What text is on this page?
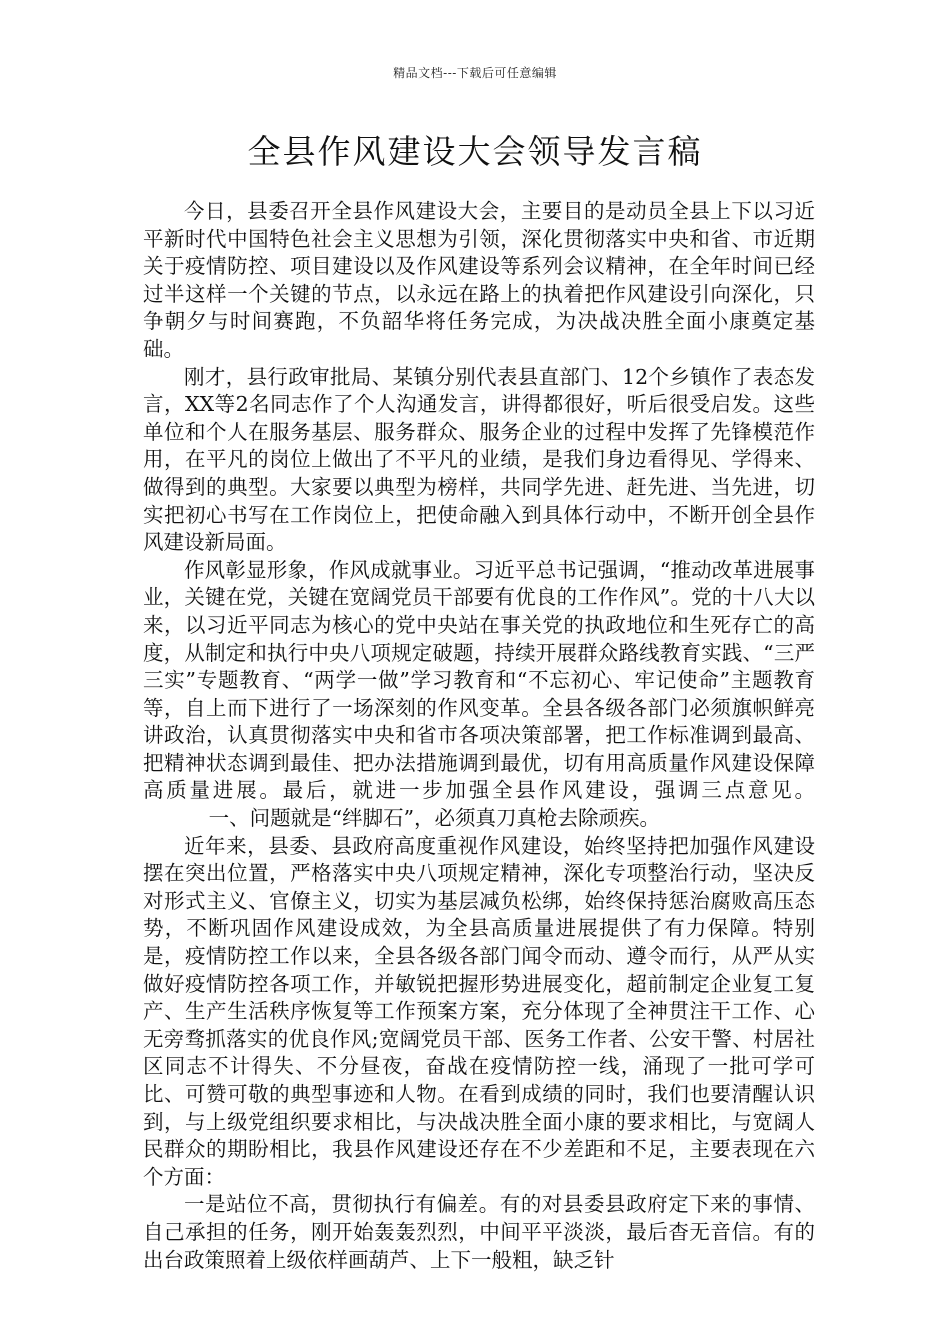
精品文档---下载后可任意编辑
全县作风建设大会领导发言稿

今日，县委召开全县作风建设大会，主要目的是动员全县上下以习近平新时代中国特色社会主义思想为引领，深化贯彻落实中央和省、市近期关于疫情防控、项目建设以及作风建设等系列会议精神，在全年时间已经过半这样一个关键的节点，以永远在路上的执着把作风建设引向深化，只争朝夕与时间赛跑，不负韶华将任务完成，为决战决胜全面小康奠定基础。

刚才，县行政审批局、某镇分别代表县直部门、12个乡镇作了表态发言，XX等2名同志作了个人沟通发言，讲得都很好，听后很受启发。这些单位和个人在服务基层、服务群众、服务企业的过程中发挥了先锋模范作用，在平凡的岗位上做出了不平凡的业绩，是我们身边看得见、学得来、做得到的典型。大家要以典型为榜样，共同学先进、赶先进、当先进，切实把初心书写在工作岗位上，把使命融入到具体行动中，不断开创全县作风建设新局面。

作风彰显形象，作风成就事业。习近平总书记强调，“推动改革进展事业，关键在党，关键在宽阔党员干部要有优良的工作作风”。党的十八大以来，以习近平同志为核心的党中央站在事关党的执政地位和生死存亡的高度，从制定和执行中央八项规定破题，持续开展群众路线教育实践、“三严三实”专题教育、“两学一做”学习教育和“不忘初心、牢记使命”主题教育等，自上而下进行了一场深刻的作风变革。全县各级各部门必须旗帜鲜亮讲政治，认真贯彻落实中央和省市各项决策部署，把工作标准调到最高、把精神状态调到最佳、把办法措施调到最优，切有用高质量作风建设保障高质量进展。最后，就进一步加强全县作风建设，强调三点意见。一、问题就是“绊脚石”，必须真刀真枪去除顽疾。

近年来，县委、县政府高度重视作风建设，始终坚持把加强作风建设摆在突出位置，严格落实中央八项规定精神，深化专项整治行动，坚决反对形式主义、官僚主义，切实为基层减负松绑，始终保持惩治腐败高压态势，不断巩固作风建设成效，为全县高质量进展提供了有力保障。特别是，疫情防控工作以来，全县各级各部门闻令而动、遵令而行，从严从实做好疫情防控各项工作，并敏锐把握形势进展变化，超前制定企业复工复产、生产生活秩序恢复等工作预案方案，充分体现了全神贯注干工作、心无旁骛抓落实的优良作风;宽阔党员干部、医务工作者、公安干警、村居社区同志不计得失、不分昼夜，奋战在疫情防控一线，涌现了一批可学可比、可赞可敬的典型事迹和人物。在看到成绩的同时，我们也要清醒认识到，与上级党组织要求相比，与决战决胜全面小康的要求相比，与宽阔人民群众的期盼相比，我县作风建设还存在不少差距和不足，主要表现在六个方面：

一是站位不高，贯彻执行有偏差。有的对县委县政府定下来的事情、自己承担的任务，刚开始轰轰烈烈，中间平平淡淡，最后杳无音信。有的出台政策照着上级依样画葫芦、上下一般粗，缺乏针
